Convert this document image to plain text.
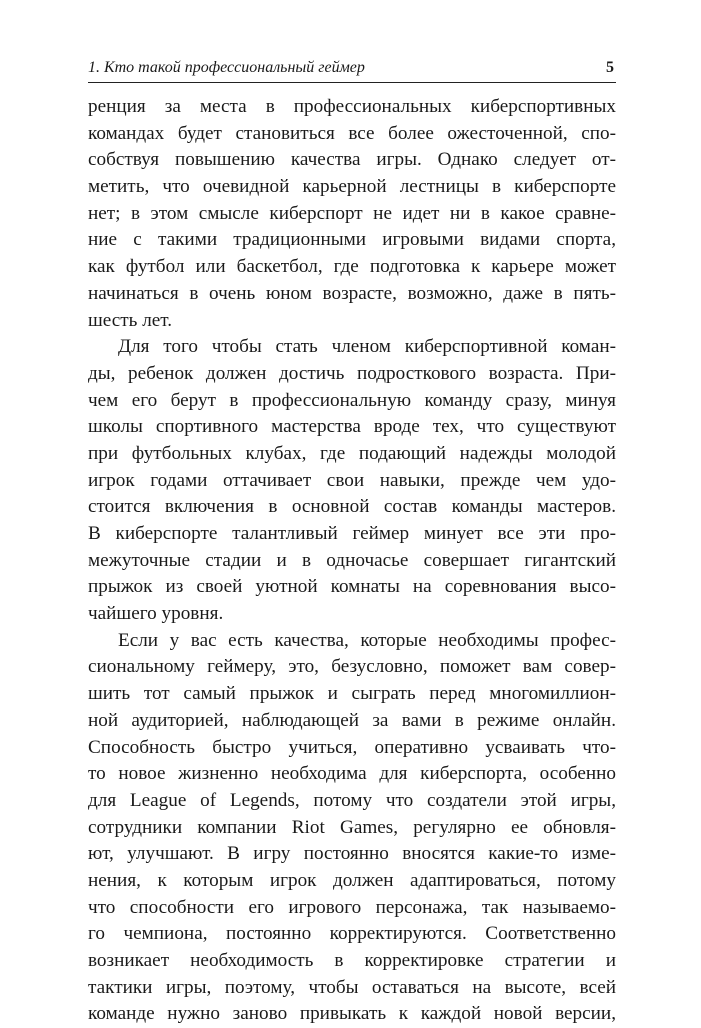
1. Кто такой профессиональный геймер	5
ренция за места в профессиональных киберспортивных
командах будет становиться все более ожесточенной, спо-
собствуя повышению качества игры. Однако следует от-
метить, что очевидной карьерной лестницы в киберспорте
нет; в этом смысле киберспорт не идет ни в какое сравне-
ние с такими традиционными игровыми видами спорта,
как футбол или баскетбол, где подготовка к карьере может
начинаться в очень юном возрасте, возможно, даже в пять-
шесть лет.
Для того чтобы стать членом киберспортивной коман-
ды, ребенок должен достичь подросткового возраста. При-
чем его берут в профессиональную команду сразу, минуя
школы спортивного мастерства вроде тех, что существуют
при футбольных клубах, где подающий надежды молодой
игрок годами оттачивает свои навыки, прежде чем удо-
стоится включения в основной состав команды мастеров.
В киберспорте талантливый геймер минует все эти про-
межуточные стадии и в одночасье совершает гигантский
прыжок из своей уютной комнаты на соревнования высо-
чайшего уровня.
Если у вас есть качества, которые необходимы профес-
сиональному геймеру, это, безусловно, поможет вам совер-
шить тот самый прыжок и сыграть перед многомиллион-
ной аудиторией, наблюдающей за вами в режиме онлайн.
Способность быстро учиться, оперативно усваивать что-
то новое жизненно необходима для киберспорта, особенно
для League of Legends, потому что создатели этой игры,
сотрудники компании Riot Games, регулярно ее обновля-
ют, улучшают. В игру постоянно вносятся какие-то изме-
нения, к которым игрок должен адаптироваться, потому
что способности его игрового персонажа, так называемо-
го чемпиона, постоянно корректируются. Соответственно
возникает необходимость в корректировке стратегии и
тактики игры, поэтому, чтобы оставаться на высоте, всей
команде нужно заново привыкать к каждой новой версии,
